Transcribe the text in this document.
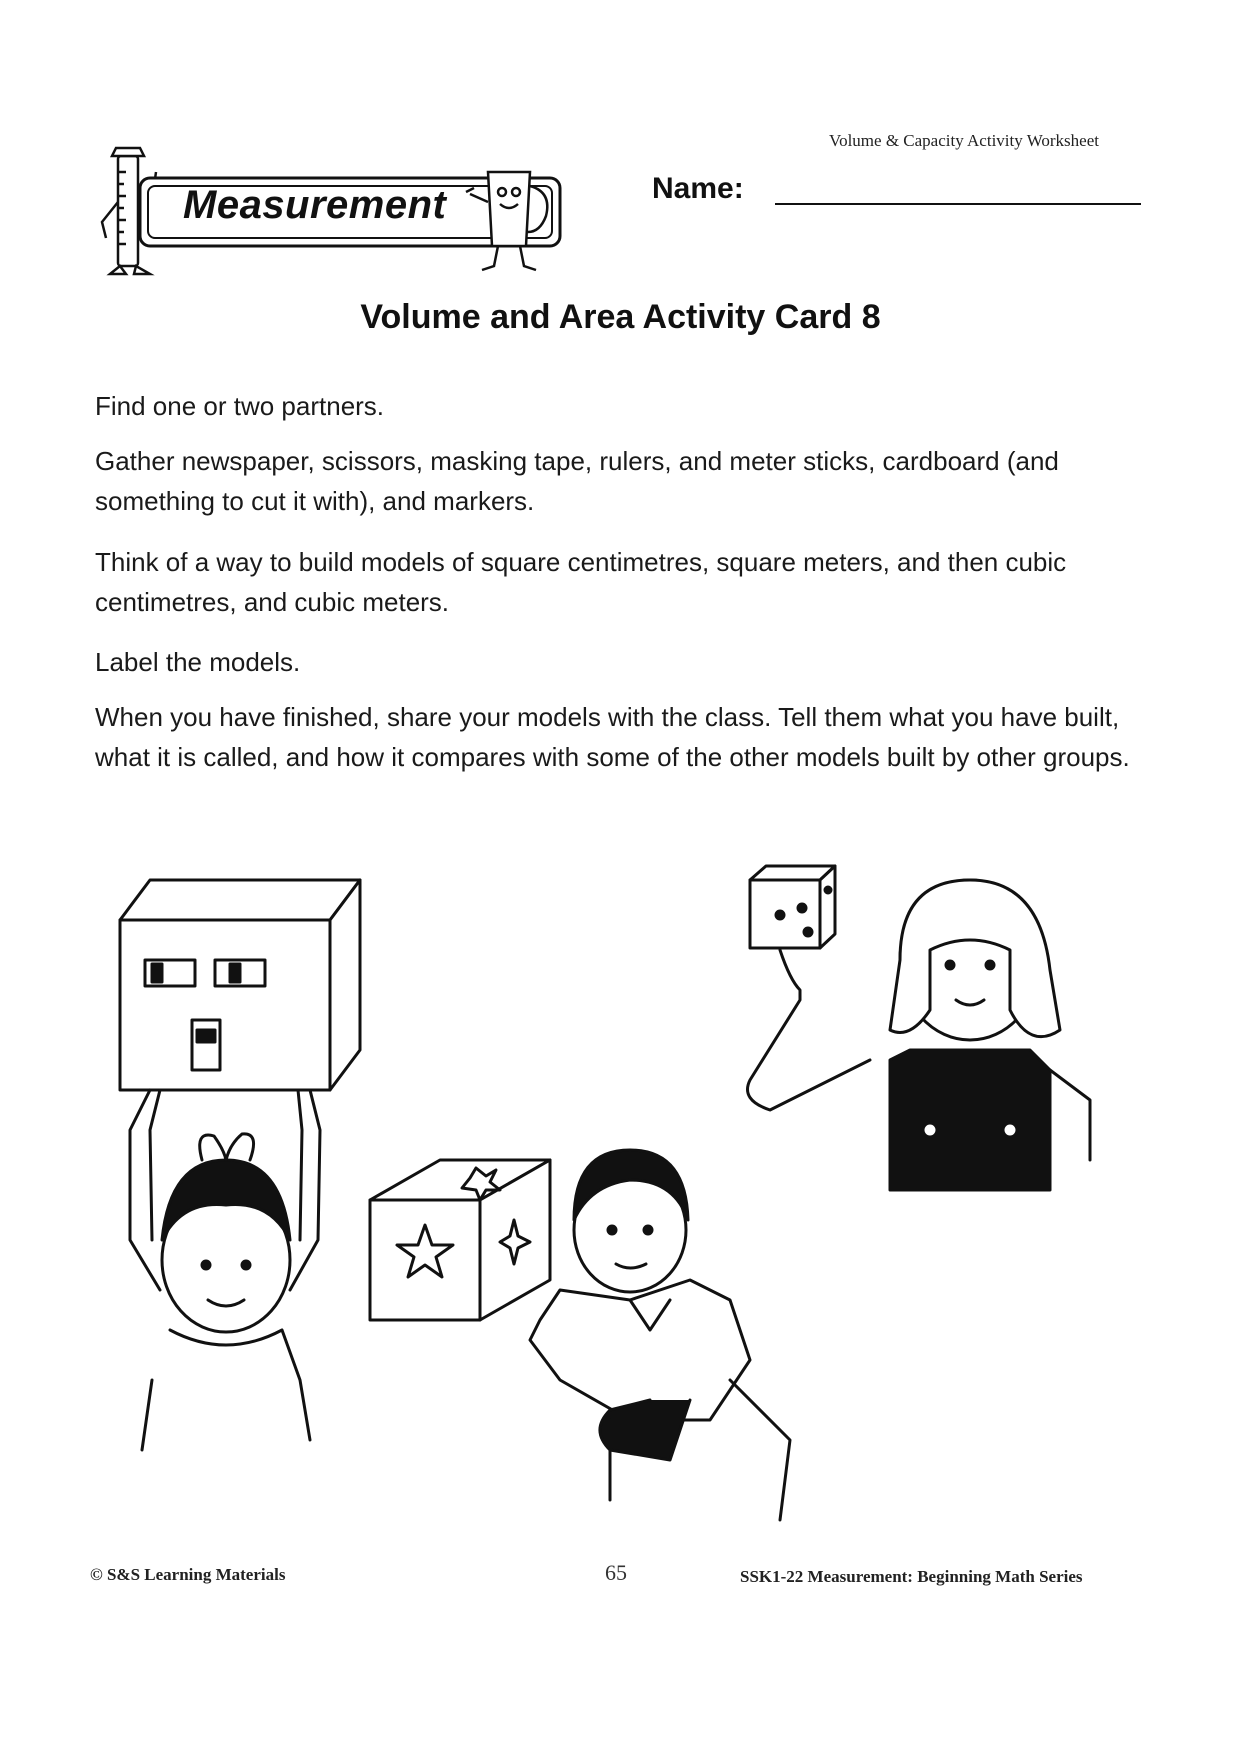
Volume & Capacity Activity Worksheet
Measurement	Name:
Volume and Area Activity Card 8
Find one or two partners.
Gather newspaper, scissors, masking tape, rulers, and meter sticks, cardboard (and something to cut it with), and markers.
Think of a way to build models of square centimetres, square meters, and then cubic centimetres, and cubic meters.
Label the models.
When you have finished, share your models with the class. Tell them what you have built, what it is called, and how it compares with some of the other models built by other groups.
© S&S Learning Materials	65	SSK1-22 Measurement: Beginning Math Series
